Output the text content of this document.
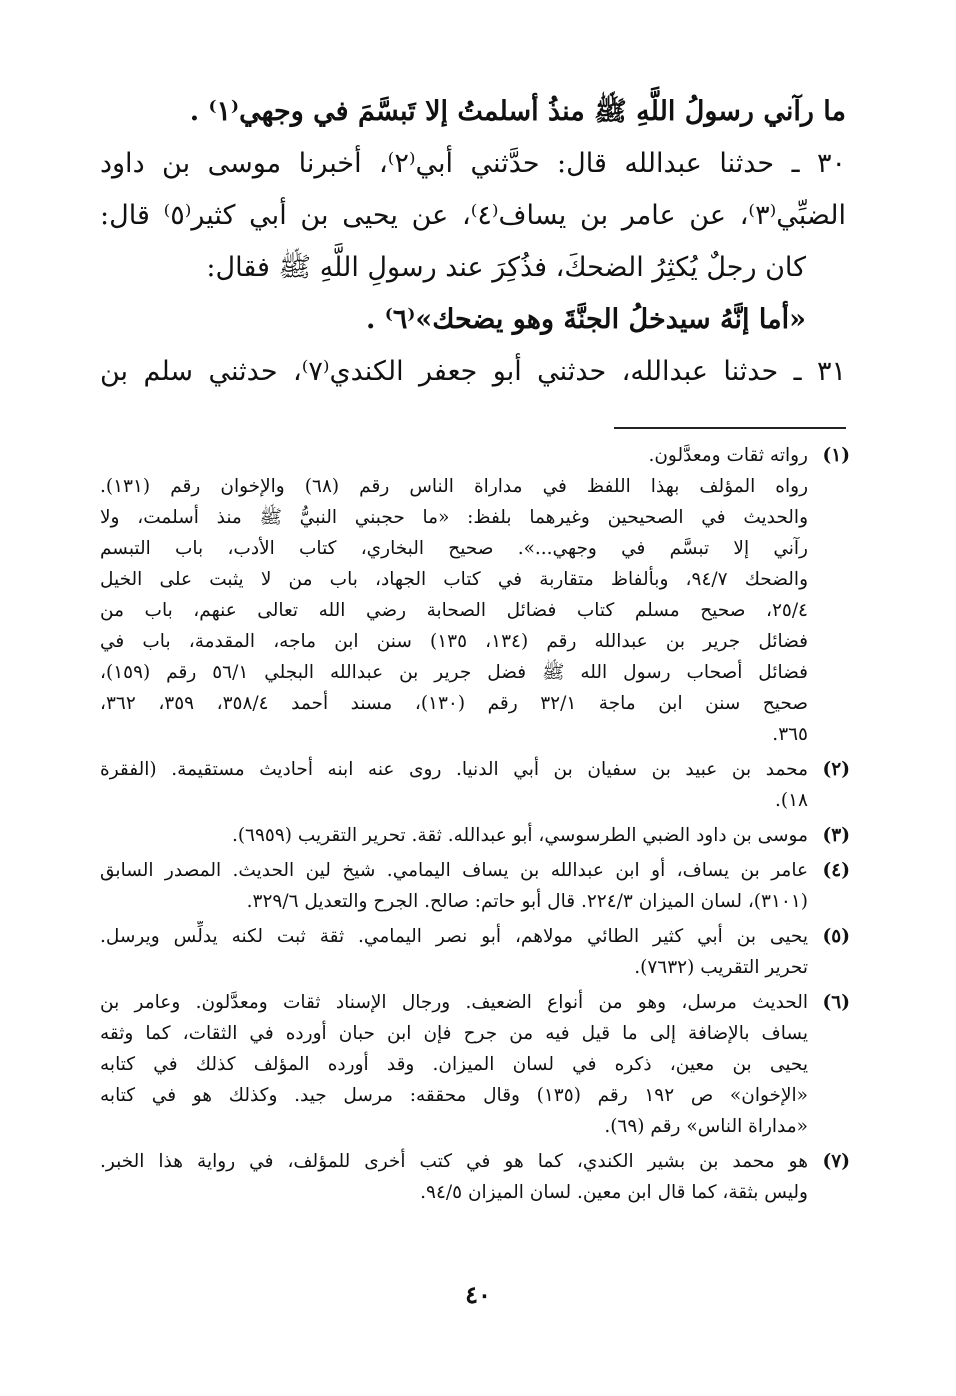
ما رآني رسولُ اللَّهِ ﷺ منذُ أسلمتُ إلا تَبسَّمَ في وجهي⁽١⁾ .
٣٠ ـ حدثنا عبدالله قال: حدَّثني أبي⁽٢⁾، أخبرنا موسى بن داود
الضبِّي⁽٣⁾، عن عامر بن يساف⁽٤⁾، عن يحيى بن أبي كثير⁽٥⁾ قال:
كان رجلٌ يُكثِرُ الضحكَ، فذُكِرَ عند رسولِ اللَّهِ ﷺ فقال:
«أما إنَّهُ سيدخلُ الجنَّةَ وهو يضحك»⁽٦⁾ .
٣١ ـ حدثنا عبدالله، حدثني أبو جعفر الكندي⁽٧⁾، حدثني سلم بن
(١)
رواته ثقات ومعدَّلون.
رواه المؤلف بهذا اللفظ في مداراة الناس رقم (٦٨) والإخوان رقم (١٣١).
والحديث في الصحيحين وغيرهما بلفظ: «ما حجبني النبيُّ ﷺ منذ أسلمت، ولا
رآني إلا تبسَّم في وجهي...». صحيح البخاري، كتاب الأدب، باب التبسم
والضحك ٩٤/٧، وبألفاظ متقاربة في كتاب الجهاد، باب من لا يثبت على الخيل
٢٥/٤، صحيح مسلم كتاب فضائل الصحابة رضي الله تعالى عنهم، باب من
فضائل جرير بن عبدالله رقم (١٣٤، ١٣٥) سنن ابن ماجه، المقدمة، باب في
فضائل أصحاب رسول الله ﷺ فضل جرير بن عبدالله البجلي ٥٦/١ رقم (١٥٩)،
صحيح سنن ابن ماجة ٣٢/١ رقم (١٣٠)، مسند أحمد ٣٥٨/٤، ٣٥٩، ٣٦٢،
٣٦٥.
(٢)
محمد بن عبيد بن سفيان بن أبي الدنيا. روى عنه ابنه أحاديث مستقيمة. (الفقرة
١٨).
(٣)
موسى بن داود الضبي الطرسوسي، أبو عبدالله. ثقة. تحرير التقريب (٦٩٥٩).
(٤)
عامر بن يساف، أو ابن عبدالله بن يساف اليمامي. شيخ لين الحديث. المصدر السابق
(٣١٠١)، لسان الميزان ٢٢٤/٣. قال أبو حاتم: صالح. الجرح والتعديل ٣٢٩/٦.
(٥)
يحيى بن أبي كثير الطائي مولاهم، أبو نصر اليمامي. ثقة ثبت لكنه يدلِّس ويرسل.
تحرير التقريب (٧٦٣٢).
(٦)
الحديث مرسل، وهو من أنواع الضعيف. ورجال الإسناد ثقات ومعدَّلون. وعامر بن
يساف بالإضافة إلى ما قيل فيه من جرح فإن ابن حبان أورده في الثقات، كما وثقه
يحيى بن معين، ذكره في لسان الميزان. وقد أورده المؤلف كذلك في كتابه
«الإخوان» ص ١٩٢ رقم (١٣٥) وقال محققه: مرسل جيد. وكذلك هو في كتابه
«مداراة الناس» رقم (٦٩).
(٧)
هو محمد بن بشير الكندي، كما هو في كتب أخرى للمؤلف، في رواية هذا الخبر.
وليس بثقة، كما قال ابن معين. لسان الميزان ٩٤/٥.
٤٠
